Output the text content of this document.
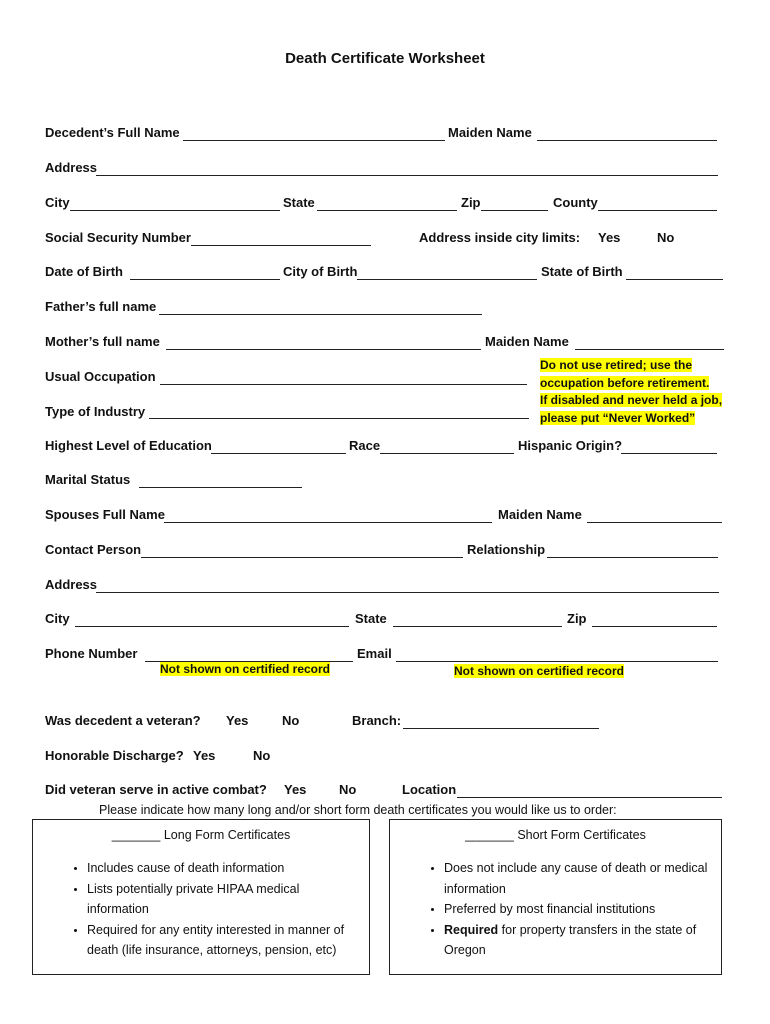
Death Certificate Worksheet
Decedent’s Full Name	Maiden Name
Address
City	State	Zip	County
Social Security Number	Address inside city limits: Yes	No
Date of Birth	City of Birth	State of Birth
Father’s full name
Mother’s full name	Maiden Name
Usual Occupation
Type of Industry
Do not use retired; use the
occupation before retirement.
If disabled and never held a job,
please put “Never Worked”
Highest Level of Education	Race	Hispanic Origin?
Marital Status
Spouses Full Name	Maiden Name
Contact Person	Relationship
Address
City	State	Zip
Phone Number	Email
Not shown on certified record	Not shown on certified record
Was decedent a veteran? Yes	No	Branch:
Honorable Discharge? Yes	No
Did veteran serve in active combat? Yes	No	Location
Please indicate how many long and/or short form death certificates you would like us to order:
_______ Long Form Certificates
• Includes cause of death information
• Lists potentially private HIPAA medical information
• Required for any entity interested in manner of death (life insurance, attorneys, pension, etc)
_______ Short Form Certificates
• Does not include any cause of death or medical information
• Preferred by most financial institutions
• Required for property transfers in the state of Oregon
